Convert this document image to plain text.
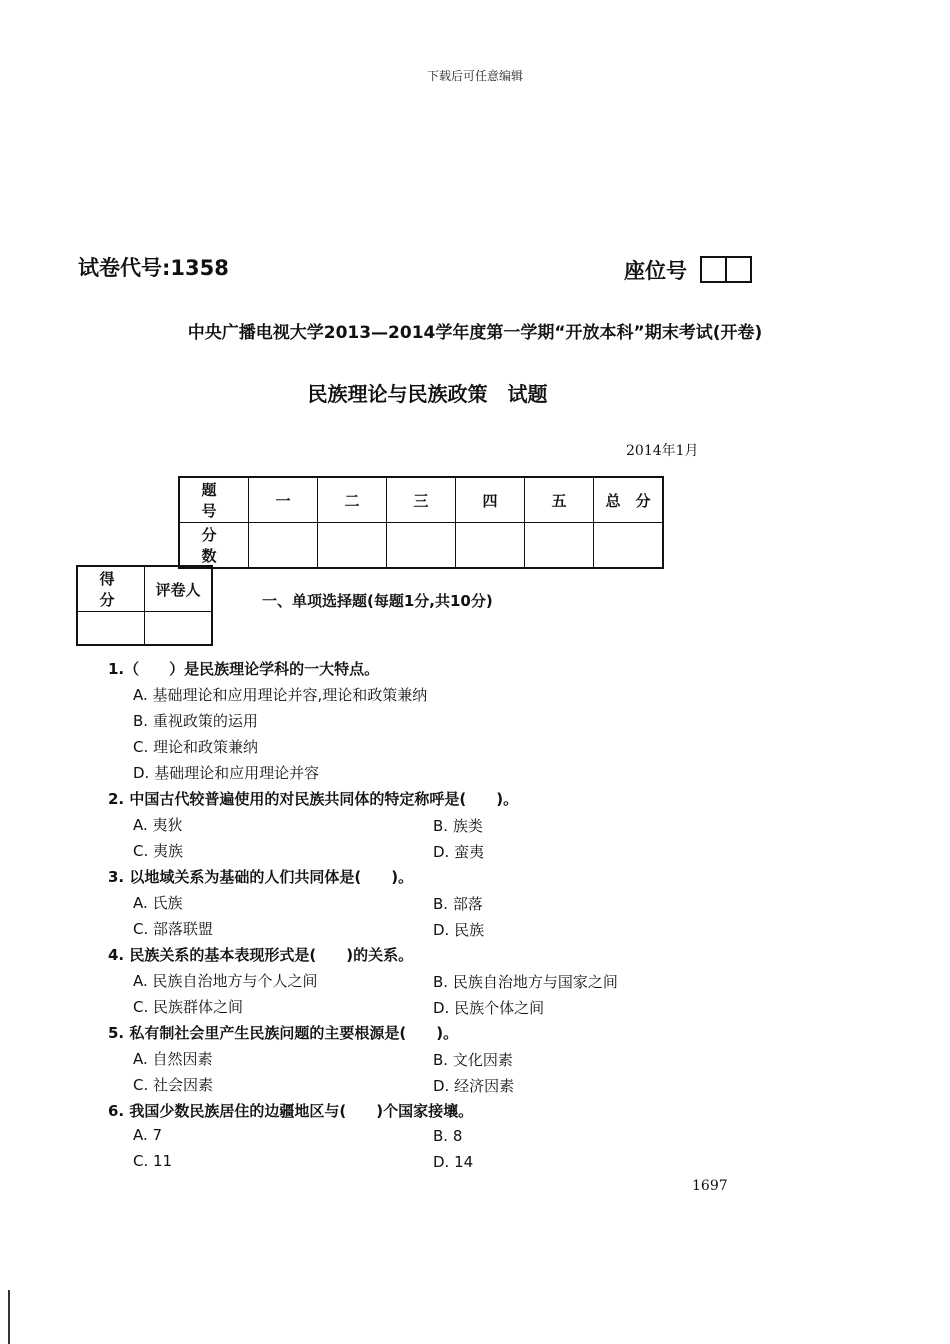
下载后可任意编辑
试卷代号:1358	座位号
中央广播电视大学2013—2014学年度第一学期“开放本科”期末考试(开卷)
民族理论与民族政策　试题
2014年1月
题　号	一	二	三	四	五	总　分
分　数						
得　分	评卷人

一、单项选择题(每题1分,共10分)
1.（　　）是民族理论学科的一大特点。
A. 基础理论和应用理论并容,理论和政策兼纳
B. 重视政策的运用
C. 理论和政策兼纳
D. 基础理论和应用理论并容
2. 中国古代较普遍使用的对民族共同体的特定称呼是(　　)。
A. 夷狄	B. 族类
C. 夷族	D. 蛮夷
3. 以地域关系为基础的人们共同体是(　　)。
A. 氏族	B. 部落
C. 部落联盟	D. 民族
4. 民族关系的基本表现形式是(　　)的关系。
A. 民族自治地方与个人之间	B. 民族自治地方与国家之间
C. 民族群体之间	D. 民族个体之间
5. 私有制社会里产生民族问题的主要根源是(　　)。
A. 自然因素	B. 文化因素
C. 社会因素	D. 经济因素
6. 我国少数民族居住的边疆地区与(　　)个国家接壤。
A. 7	B. 8
C. 11	D. 14
1697
